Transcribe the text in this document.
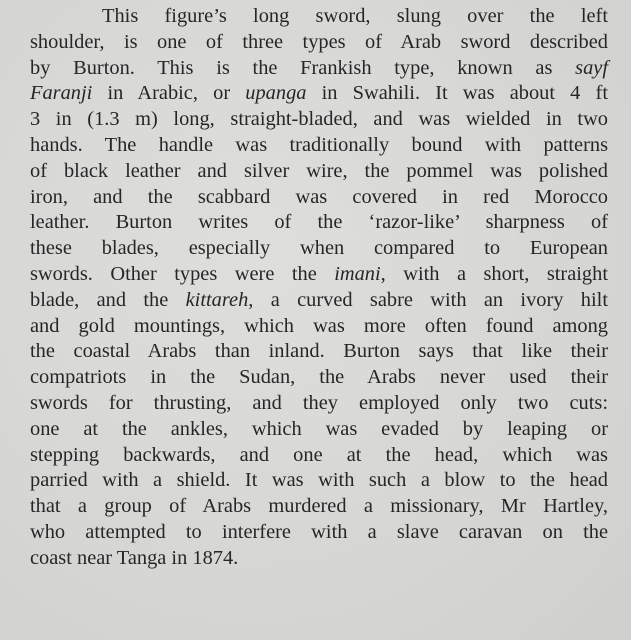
This figure’s long sword, slung over the left
shoulder, is one of three types of Arab sword described
by Burton. This is the Frankish type, known as sayf
Faranji in Arabic, or upanga in Swahili. It was about 4 ft
3 in (1.3 m) long, straight-bladed, and was wielded in two
hands. The handle was traditionally bound with patterns
of black leather and silver wire, the pommel was polished
iron, and the scabbard was covered in red Morocco
leather. Burton writes of the ‘razor-like’ sharpness of
these blades, especially when compared to European
swords. Other types were the imani, with a short, straight
blade, and the kittareh, a curved sabre with an ivory hilt
and gold mountings, which was more often found among
the coastal Arabs than inland. Burton says that like their
compatriots in the Sudan, the Arabs never used their
swords for thrusting, and they employed only two cuts:
one at the ankles, which was evaded by leaping or
stepping backwards, and one at the head, which was
parried with a shield. It was with such a blow to the head
that a group of Arabs murdered a missionary, Mr Hartley,
who attempted to interfere with a slave caravan on the
coast near Tanga in 1874.
